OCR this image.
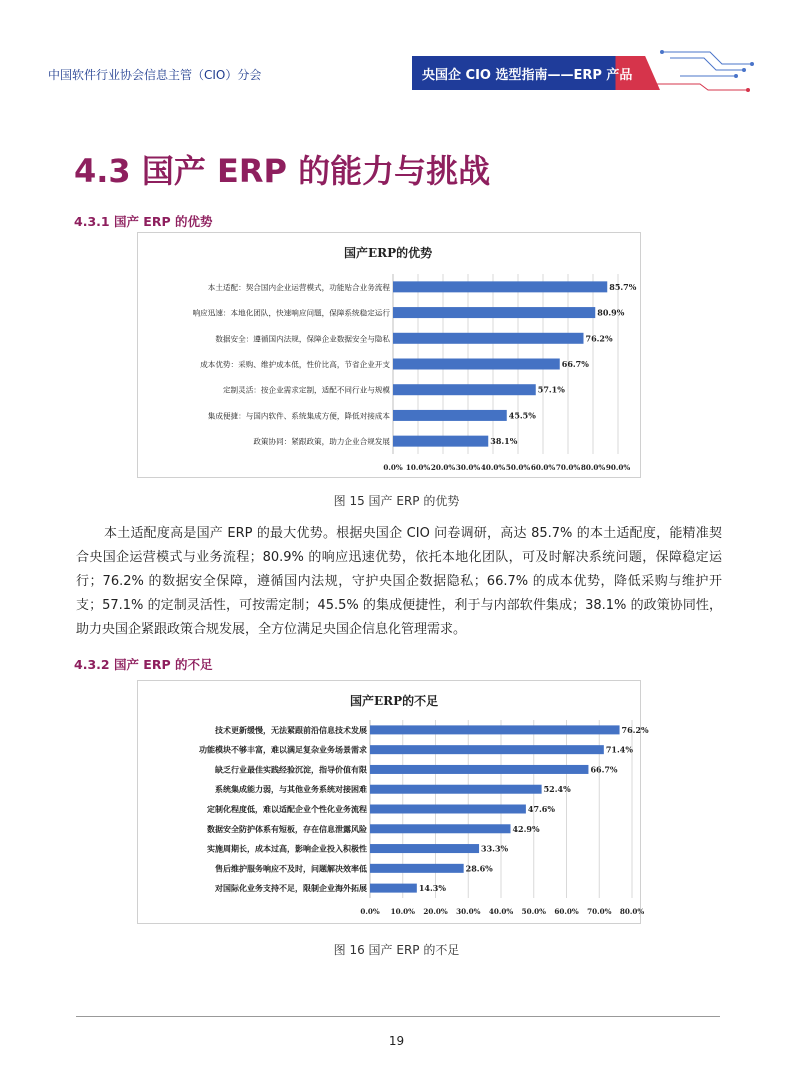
中国软件行业协会信息主管（CIO）分会	央国企 CIO 选型指南——ERP 产品
4.3 国产 ERP 的能力与挑战
4.3.1 国产 ERP 的优势
国产ERP的优势
0.0% 10.0% 20.0% 30.0% 40.0% 50.0% 60.0% 70.0% 80.0% 90.0%
85.7%
本土适配：契合国内企业运营模式，功能贴合业务流程
80.9%
响应迅速：本地化团队，快速响应问题，保障系统稳定运行
76.2%
数据安全：遵循国内法规，保障企业数据安全与隐私
66.7%
成本优势：采购、维护成本低，性价比高，节省企业开支
57.1%
定制灵活：按企业需求定制，适配不同行业与规模
45.5%
集成便捷：与国内软件、系统集成方便，降低对接成本
38.1%
政策协同：紧跟政策，助力企业合规发展
图 15 国产 ERP 的优势

本土适配度高是国产 ERP 的最大优势。根据央国企 CIO 问卷调研，高达 85.7% 的本土适配度，能精准契合央国企运营模式与业务流程；80.9% 的响应迅速优势，依托本地化团队，可及时解决系统问题，保障稳定运行；76.2% 的数据安全保障，遵循国内法规，守护央国企数据隐私；66.7% 的成本优势，降低采购与维护开支；57.1% 的定制灵活性，可按需定制；45.5% 的集成便捷性，利于与内部软件集成；38.1% 的政策协同性，助力央国企紧跟政策合规发展，全方位满足央国企信息化管理需求。

4.3.2 国产 ERP 的不足
国产ERP的不足
0.0% 10.0% 20.0% 30.0% 40.0% 50.0% 60.0% 70.0% 80.0%
76.2%
技术更新缓慢，无法紧跟前沿信息技术发展
71.4%
功能模块不够丰富，难以满足复杂业务场景需求
66.7%
缺乏行业最佳实践经验沉淀，指导价值有限
52.4%
系统集成能力弱，与其他业务系统对接困难
47.6%
定制化程度低，难以适配企业个性化业务流程
42.9%
数据安全防护体系有短板，存在信息泄露风险
33.3%
实施周期长，成本过高，影响企业投入积极性
28.6%
售后维护服务响应不及时，问题解决效率低
14.3%
对国际化业务支持不足，限制企业海外拓展
图 16 国产 ERP 的不足
19
